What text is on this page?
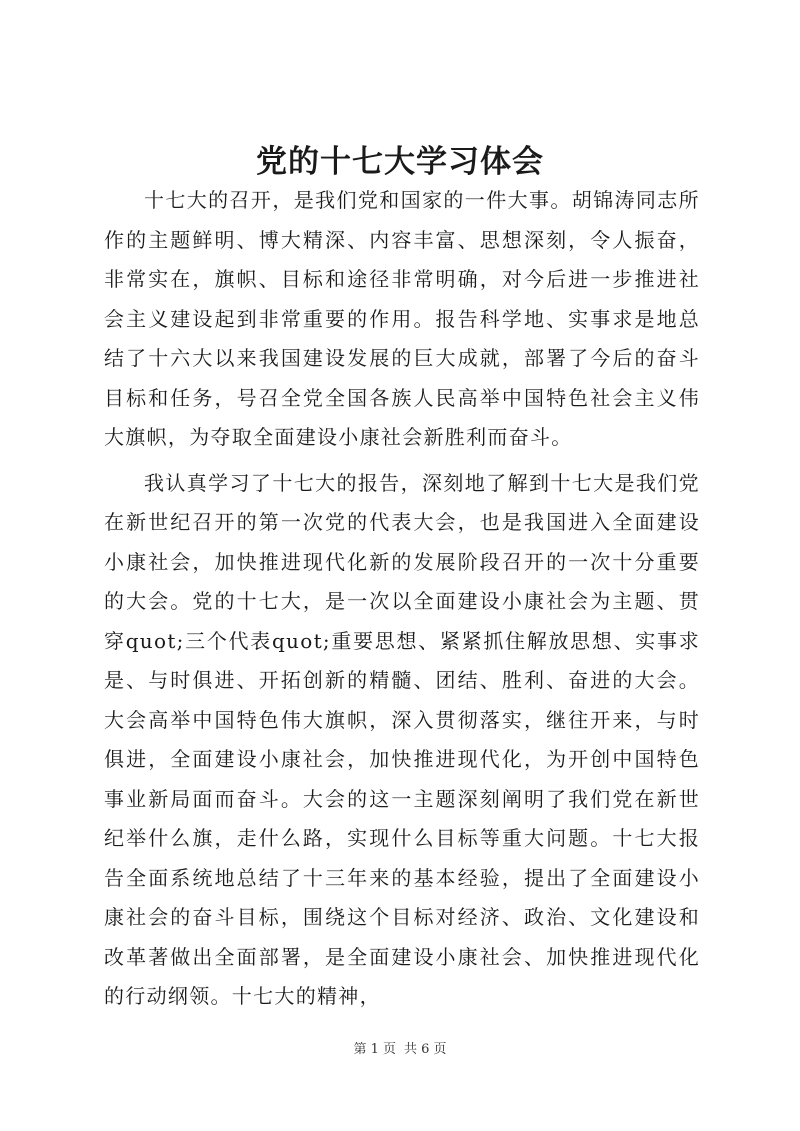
党的十七大学习体会

十七大的召开，是我们党和国家的一件大事。胡锦涛同志所作的主题鲜明、博大精深、内容丰富、思想深刻，令人振奋，非常实在，旗帜、目标和途径非常明确，对今后进一步推进社会主义建设起到非常重要的作用。报告科学地、实事求是地总结了十六大以来我国建设发展的巨大成就，部署了今后的奋斗目标和任务，号召全党全国各族人民高举中国特色社会主义伟大旗帜，为夺取全面建设小康社会新胜利而奋斗。

我认真学习了十七大的报告，深刻地了解到十七大是我们党在新世纪召开的第一次党的代表大会，也是我国进入全面建设小康社会，加快推进现代化新的发展阶段召开的一次十分重要的大会。党的十七大，是一次以全面建设小康社会为主题、贯穿quot;三个代表quot;重要思想、紧紧抓住解放思想、实事求是、与时俱进、开拓创新的精髓、团结、胜利、奋进的大会。大会高举中国特色伟大旗帜，深入贯彻落实，继往开来，与时俱进，全面建设小康社会，加快推进现代化，为开创中国特色事业新局面而奋斗。大会的这一主题深刻阐明了我们党在新世纪举什么旗，走什么路，实现什么目标等重大问题。十七大报告全面系统地总结了十三年来的基本经验，提出了全面建设小康社会的奋斗目标，围绕这个目标对经济、政治、文化建设和改革著做出全面部署，是全面建设小康社会、加快推进现代化的行动纲领。十七大的精神，

第 1 页 共 6 页
